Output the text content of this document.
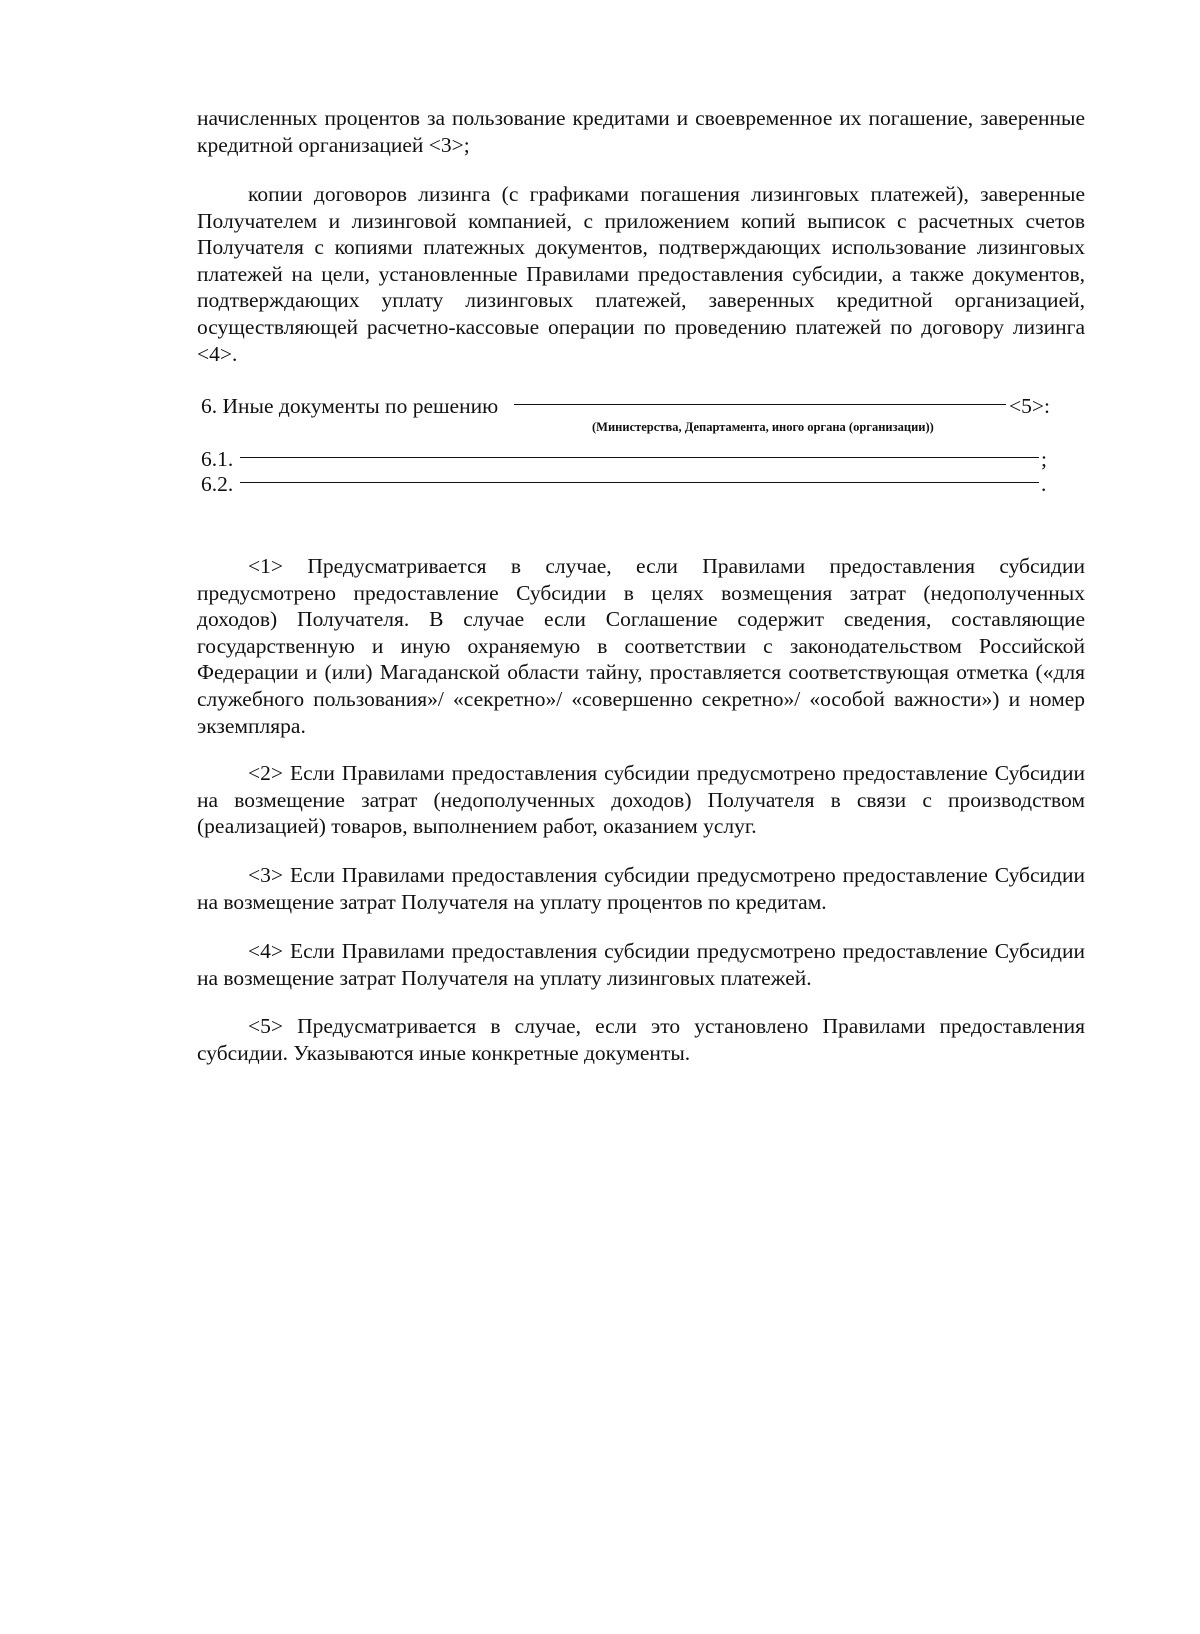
начисленных процентов за пользование кредитами и своевременное их погашение, заверенные кредитной организацией <3>;

копии договоров лизинга (с графиками погашения лизинговых платежей), заверенные Получателем и лизинговой компанией, с приложением копий выписок с расчетных счетов Получателя с копиями платежных документов, подтверждающих использование лизинговых платежей на цели, установленные Правилами предоставления субсидии, а также документов, подтверждающих уплату лизинговых платежей, заверенных кредитной организацией, осуществляющей расчетно-кассовые операции по проведению платежей по договору лизинга <4>.

6. Иные документы по решению	<5>:
(Министерства, Департамента, иного органа (организации))
6.1.	;
6.2.	.

<1> Предусматривается в случае, если Правилами предоставления субсидии предусмотрено предоставление Субсидии в целях возмещения затрат (недополученных доходов) Получателя. В случае если Соглашение содержит сведения, составляющие государственную и иную охраняемую в соответствии с законодательством Российской Федерации и (или) Магаданской области тайну, проставляется соответствующая отметка («для служебного пользования»/ «секретно»/ «совершенно секретно»/ «особой важности») и номер экземпляра.

<2> Если Правилами предоставления субсидии предусмотрено предоставление Субсидии на возмещение затрат (недополученных доходов) Получателя в связи с производством (реализацией) товаров, выполнением работ, оказанием услуг.

<3> Если Правилами предоставления субсидии предусмотрено предоставление Субсидии на возмещение затрат Получателя на уплату процентов по кредитам.

<4> Если Правилами предоставления субсидии предусмотрено предоставление Субсидии на возмещение затрат Получателя на уплату лизинговых платежей.

<5> Предусматривается в случае, если это установлено Правилами предоставления субсидии. Указываются иные конкретные документы.
